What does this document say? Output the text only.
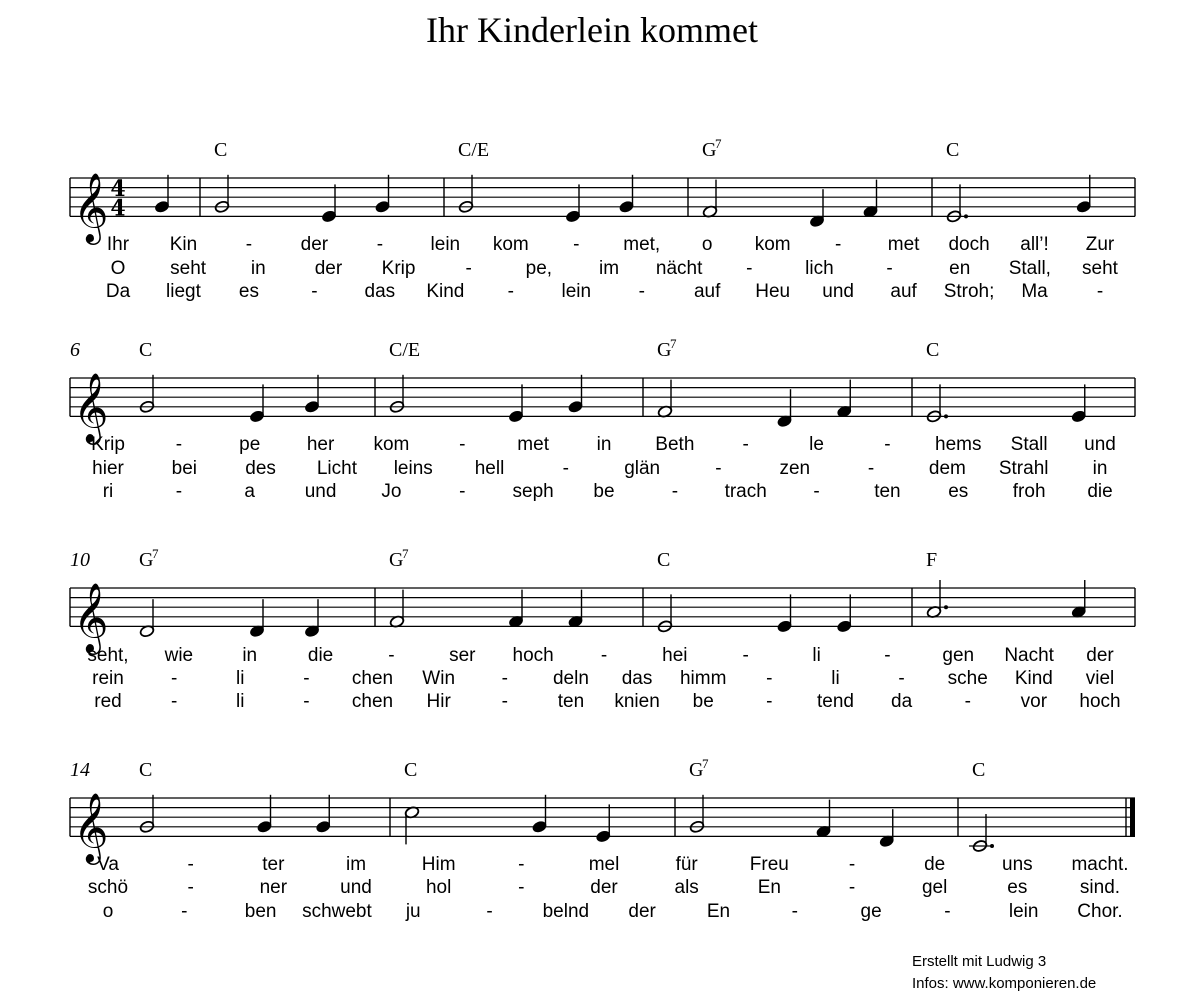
Ihr Kinderlein kommet
𝄞 4
4
C	C/E	G
7	C
Ihr Kin	-	der	-	lein kom - met, o kom - met doch all’! Zur
O seht in	der Krip	-	pe, im nächt -	lich	-	en Stall, seht
Da liegt es	- das Kind -	lein	-	auf Heu und auf Stroh; Ma	-
𝄞
6	C	C/E	G
7	C
Krip	-	pe her kom	-	met	in Beth	-	le	- hems Stall und
hier	bei	des Licht leins hell	-	glän	-	zen	-	dem Strahl in
ri	-	a	und Jo	- seph be	- trach -	ten	es froh die
𝄞
10 G
7	G
7	C	F
seht, wie	in	die	-	ser hoch -	hei	-	li	-	gen Nacht der
rein -	li	- chen Win - deln das himm -	li	- sche Kind viel
red	-	li	- chen Hir	-	ten knien be	- tend da	-	vor hoch
𝄞
14 C	C	G
7	C
Va	-	ter	im	Him	-	mel	für	Freu	-	de	uns macht.
schö	-	ner	und	hol	-	der	als	En	-	gel	es	sind.
o	-	ben schwebt ju	-	belnd der	En	-	ge	-	lein Chor.
Erstellt mit Ludwig 3
Infos: www.komponieren.de
